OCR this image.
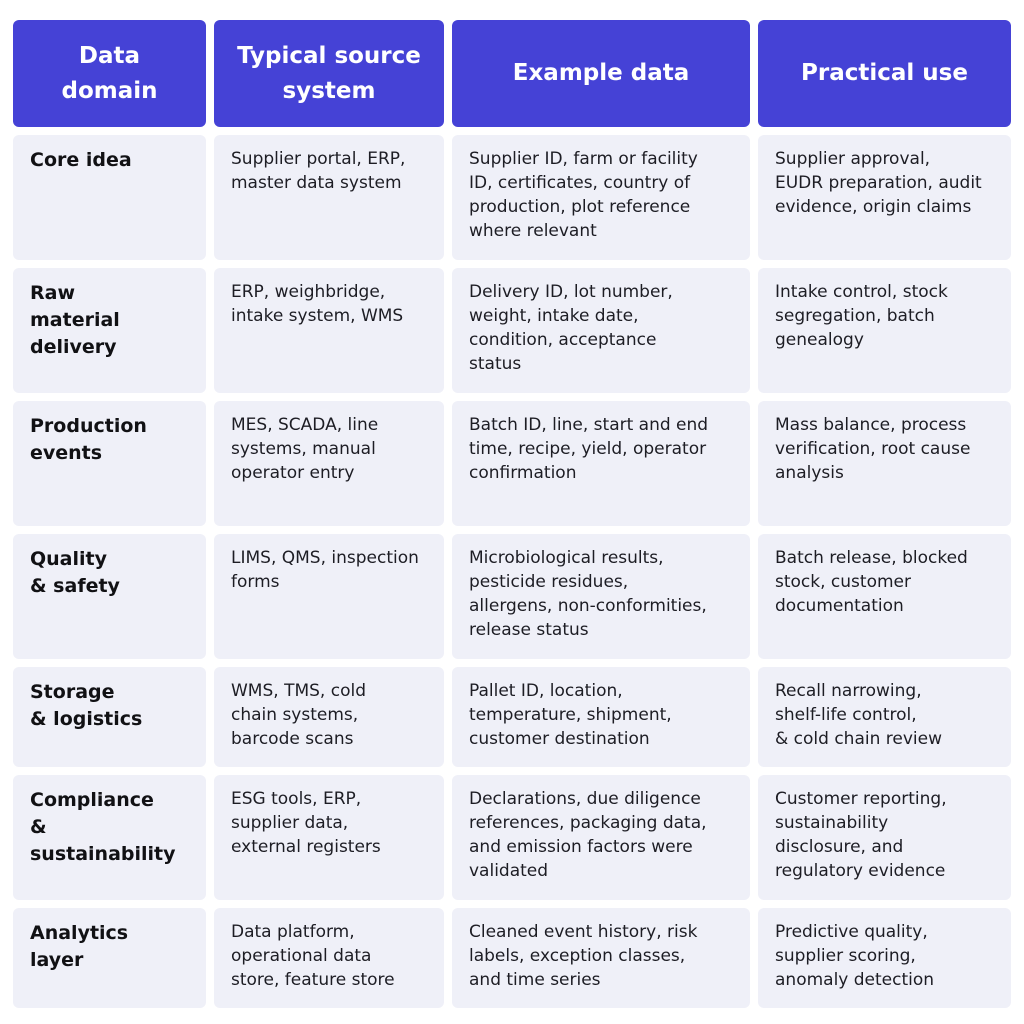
Data
domain
Typical source
system
Example data	Practical use
Core idea	Supplier portal, ERP,
master data system
Supplier ID, farm or facility
ID, certificates, country of
production, plot reference
where relevant
Supplier approval,
EUDR preparation, audit
evidence, origin claims
Raw
material
delivery
ERP, weighbridge,
intake system, WMS
Delivery ID, lot number,
weight, intake date,
condition, acceptance
status
Intake control, stock
segregation, batch
genealogy
Production
events
MES, SCADA, line
systems, manual
operator entry
Batch ID, line, start and end
time, recipe, yield, operator
confirmation
Mass balance, process
verification, root cause
analysis
Quality
& safety
LIMS, QMS, inspection
forms
Microbiological results,
pesticide residues,
allergens, non-conformities,
release status
Batch release, blocked
stock, customer
documentation
Storage
& logistics
WMS, TMS, cold
chain systems,
barcode scans
Pallet ID, location,
temperature, shipment,
customer destination
Recall narrowing,
shelf-life control,
& cold chain review
Compliance
&
sustainability
ESG tools, ERP,
supplier data,
external registers
Declarations, due diligence
references, packaging data,
and emission factors were
validated
Customer reporting,
sustainability
disclosure, and
regulatory evidence
Analytics
layer
Data platform,
operational data
store, feature store
Cleaned event history, risk
labels, exception classes,
and time series
Predictive quality,
supplier scoring,
anomaly detection
